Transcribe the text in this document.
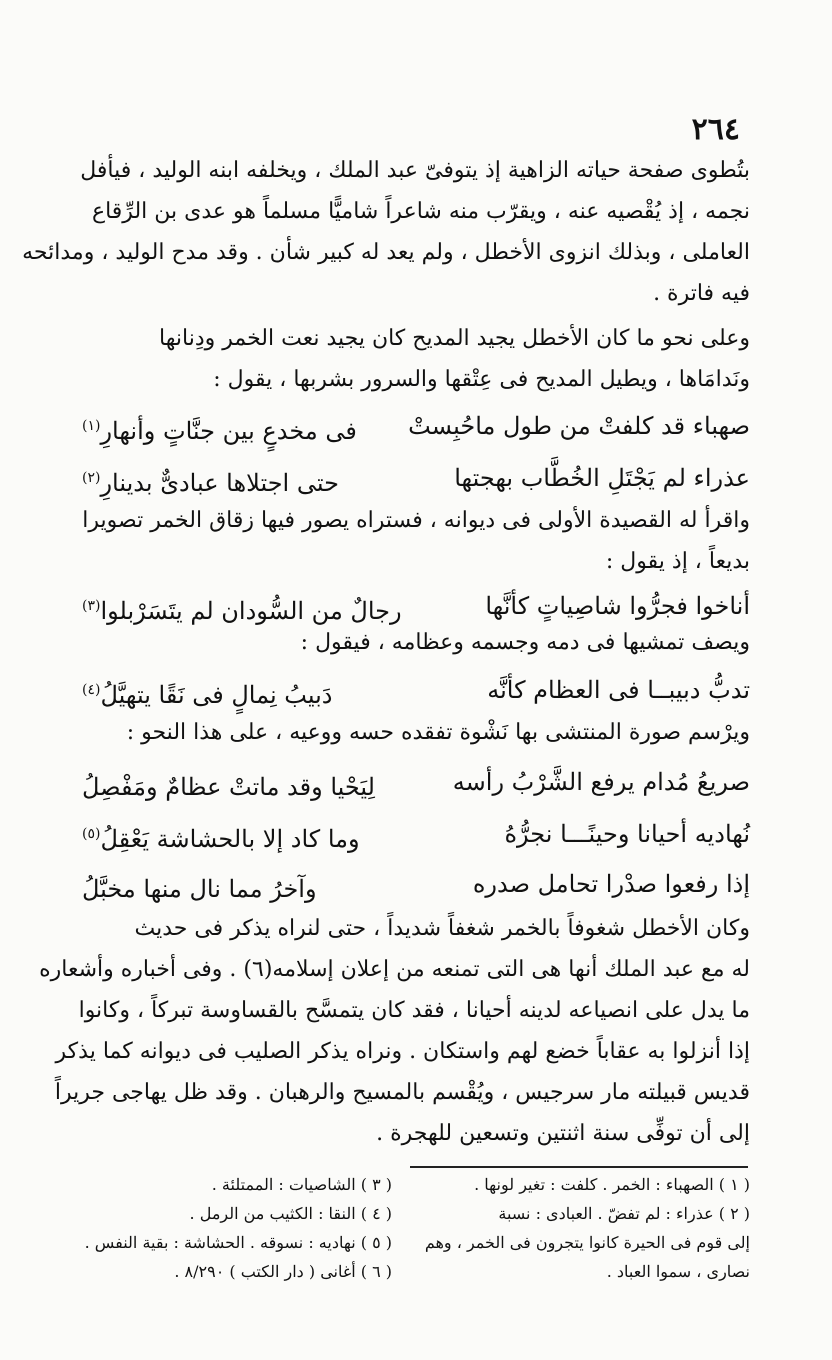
٢٦٤
بتُطوى صفحة حياته الزاهية إذ يتوفىّ عبد الملك ، ويخلفه ابنه الوليد ، فيأفل
نجمه ، إذ يُقْصيه عنه ، ويقرّب منه شاعراً شاميًّا مسلماً هو عدى بن الرِّقاع
العاملى ، وبذلك انزوى الأخطل ، ولم يعد له كبير شأن . وقد مدح الوليد ، ومدائحه
فيه فاترة .
وعلى نحو ما كان الأخطل يجيد المديح كان يجيد نعت الخمر ودِنانها
ونَدامَاها ، ويطيل المديح فى عِتْقها والسرور بشربها ، يقول :
صهباء قد كلفتْ من طول ماحُبِستْ
فى مخدعٍ بين جنَّاتٍ وأنهارِ$^{(١)}$
عذراء لم يَجْتَلِ الخُطَّاب بهجتها
حتى اجتلاها عبادىٌّ بدينارِ$^{(٢)}$
واقرأ له القصيدة الأولى فى ديوانه ، فستراه يصور فيها زقاق الخمر تصويرا
بديعاً ، إذ يقول :
أناخوا فجرُّوا شاصِياتٍ كأنَّها
رجالٌ من السُّودان لم يتَسَرْبلوا$^{(٣)}$
ويصف تمشيها فى دمه وجسمه وعظامه ، فيقول :
تدبُّ دبيبــا فى العظام كأنَّه
دَبيبُ نِمالٍ فى نَقًا يتهيَّلُ$^{(٤)}$
ويرْسم صورة المنتشى بها نَشْوة تفقده حسه ووعيه ، على هذا النحو :
صريعُ مُدام يرفع الشَّرْبُ رأسه
لِيَحْيا وقد ماتتْ عظامٌ ومَفْصِلُ
نُهاديه أحيانا وحينًـــا نجرُّهُ
وما كاد إلا بالحشاشة يَعْقِلُ$^{(٥)}$
إذا رفعوا صدْرا تحامل صدره
وآخرُ مما نال منها مخبَّلُ
وكان الأخطل شغوفاً بالخمر شغفاً شديداً ، حتى لنراه يذكر فى حديث
له مع عبد الملك أنها هى التى تمنعه من إعلان إسلامه(٦) . وفى أخباره وأشعاره
ما يدل على انصياعه لدينه أحيانا ، فقد كان يتمسَّح بالقساوسة تبركاً ، وكانوا
إذا أنزلوا به عقاباً خضع لهم واستكان . ونراه يذكر الصليب فى ديوانه كما يذكر
قديس قبيلته مار سرجيس ، ويُقْسم بالمسيح والرهبان . وقد ظل يهاجى جريراً
إلى أن توفِّى سنة اثنتين وتسعين للهجرة .
( ١ ) الصهباء : الخمر . كلفت : تغير لونها .
( ٢ ) عذراء : لم تفضّ . العبادى : نسبة
إلى قوم فى الحيرة كانوا يتجرون فى الخمر ، وهم
نصارى ، سموا العباد .
( ٣ ) الشاصيات : الممتلئة .
( ٤ ) النقا : الكثيب من الرمل .
( ٥ ) نهاديه : نسوقه . الحشاشة : بقية النفس .
( ٦ ) أغانى ( دار الكتب ) ٨/٢٩٠ .
